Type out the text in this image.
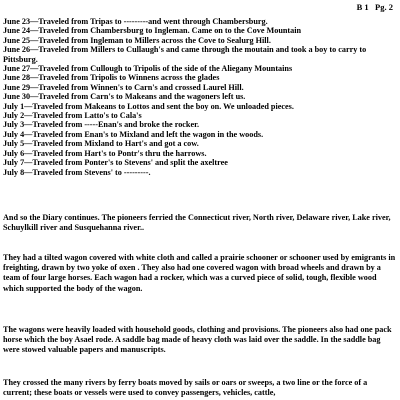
B 1   Pg. 2
June 23—Traveled from Tripas to ---------and went through Chambersburg.
June 24—Traveled from Chambersburg to Ingleman. Came on to the Cove Mountain
June 25—Traveled from Ingleman to Millers across the Cove to Sealurg Hill.
June 26—Traveled from Millers to Cullaugh's and came through the moutain and took a boy to carry to Pittsburg.
June 27—Traveled from Cullough to Tripolis of the side of the Aliegany Mountains
June 28—Traveled from Tripolis to Winnens across the glades
June 29—Traveled from Winnen's to Carn's and crossed Laurel Hill.
June 30—Traveled from Carn's to Makeans and the wagoners left us.
July 1—Traveled from Makeans to Lottos and sent the boy on. We unloaded pieces.
July 2—Traveled from Latto's to Cala's
July 3—Traveled from -----Enan's and broke the rocker.
July 4—Traveled from Enan's to Mixland and left the wagon in the woods.
July 5—Traveled from Mixland to Hart's and got a cow.
July 6—Traveled from Hart's to Pontr's thru the harrows.
July 7—Traveled from Ponter's to Stevens' and split the axeltree
July 8—Traveled from Stevens' to ---------.

And so the Diary continues. The pioneers ferried the Connecticut river, North river, Delaware river, Lake river, Schuylkill river and Susquehanna river..

They had a tilted wagon covered with white cloth and called a prairie schooner or schooner used by emigrants in freighting, drawn by two yoke of oxen . They also had one covered wagon with broad wheels and drawn by a team of four large horses. Each wagon had a rocker, which was a curved piece of solid, tough, flexible wood which supported the body of the wagon.

The wagons were heavily loaded with household goods, clothing and provisions. The pioneers also had one pack horse which the boy Asael rode. A saddle bag made of heavy cloth was laid over the saddle. In the saddle bag were stowed valuable papers and manuscripts.

They crossed the many rivers by ferry boats moved by sails or oars or sweeps, a two line or the force of a current; these boats or vessels were used to convey passengers, vehicles, cattle,
